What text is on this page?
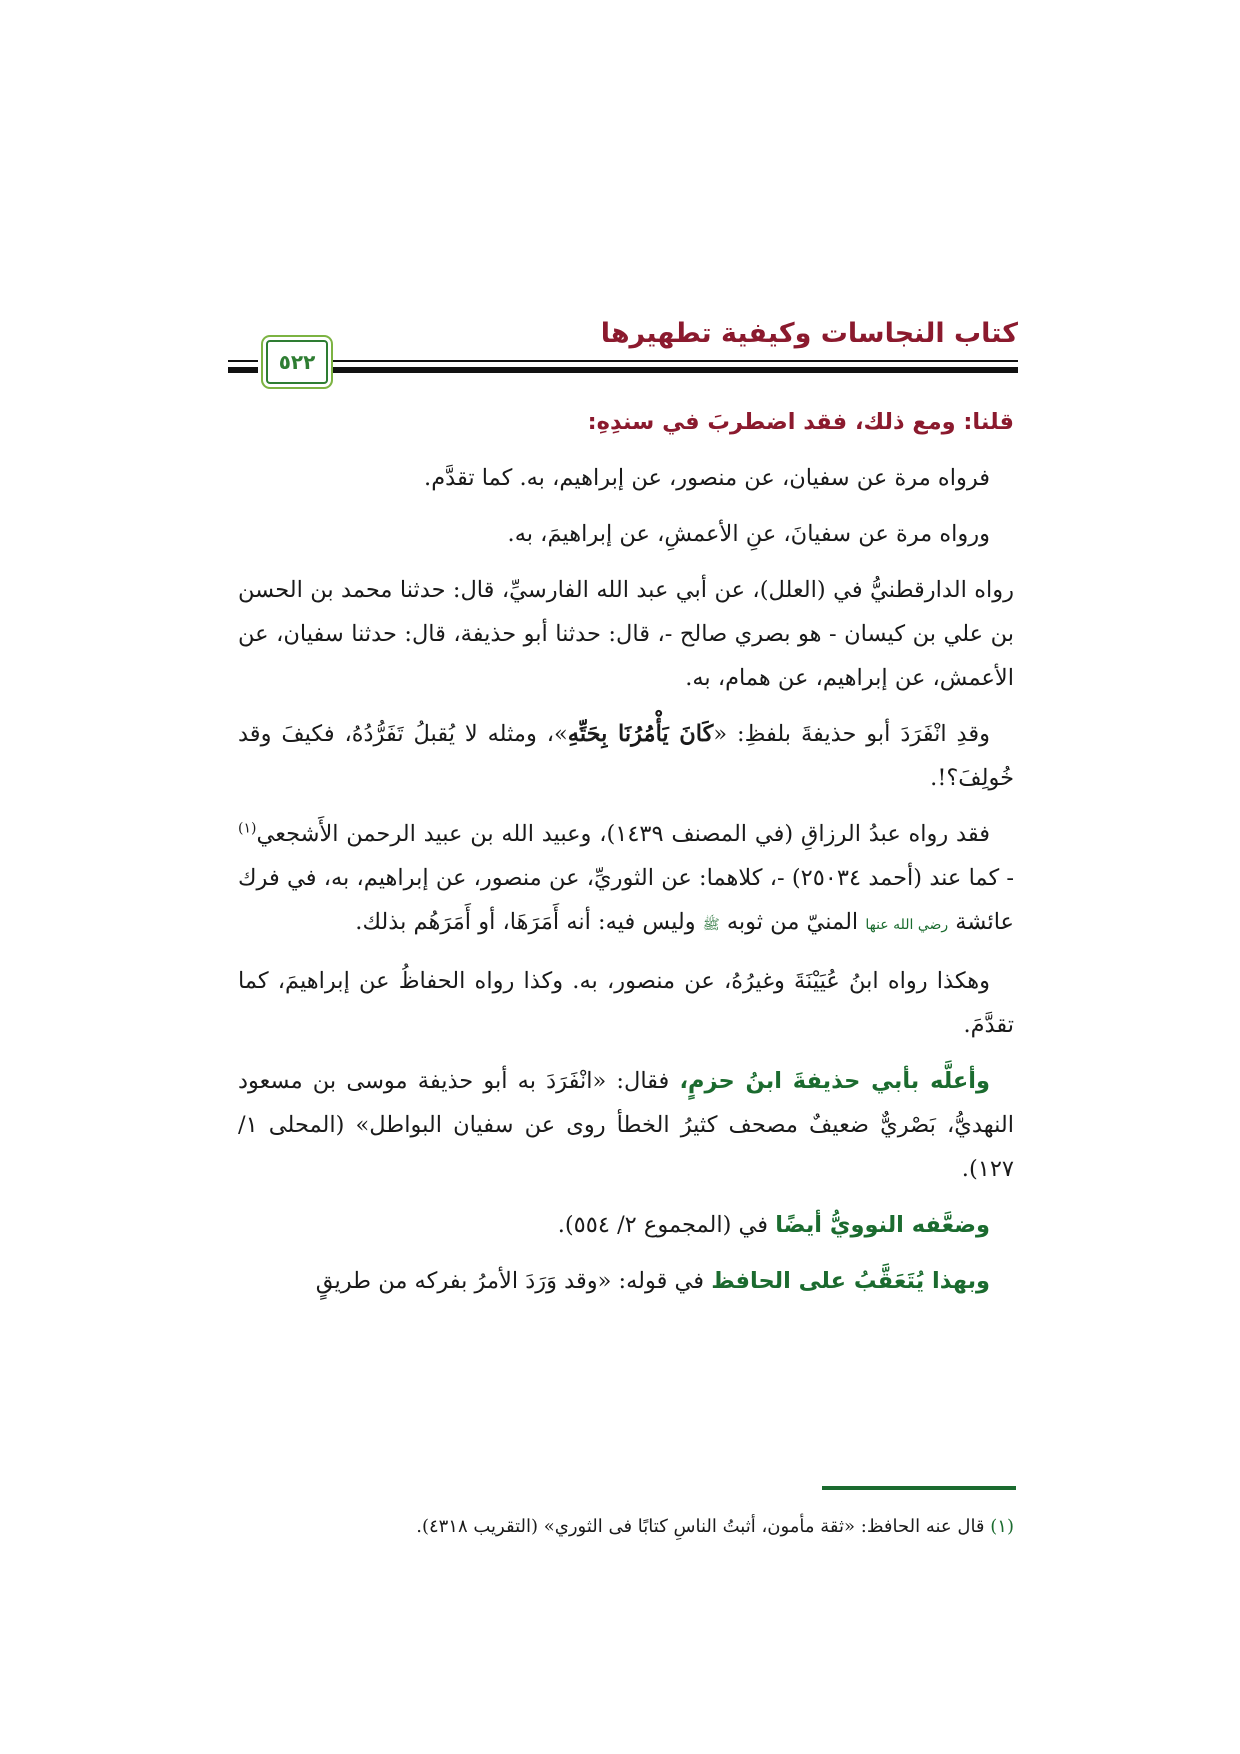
كتاب النجاسات وكيفية تطهيرها
٥٢٢

قلنا: ومع ذلك، فقد اضطربَ في سندِهِ:

فرواه مرة عن سفيان، عن منصور، عن إبراهيم، به. كما تقدَّم.

ورواه مرة عن سفيانَ، عنِ الأعمشِ، عن إبراهيمَ، به.

رواه الدارقطنيُّ في (العلل)، عن أبي عبد الله الفارسيِّ، قال: حدثنا محمد بن الحسن بن علي بن كيسان - هو بصري صالح -، قال: حدثنا أبو حذيفة، قال: حدثنا سفيان، عن الأعمش، عن إبراهيم، عن همام، به.

وقدِ انْفَرَدَ أبو حذيفةَ بلفظِ: «كَانَ يَأْمُرُنَا بِحَتِّهِ»، ومثله لا يُقبلُ تَفَرُّدُهُ، فكيفَ وقد خُولِفَ؟!.

فقد رواه عبدُ الرزاقِ (في المصنف ١٤٣٩)، وعبيد الله بن عبيد الرحمن الأَشجعي$^{(١)}$ - كما عند (أحمد ٢٥٠٣٤) -، كلاهما: عن الثوريِّ، عن منصور، عن إبراهيم، به، في فرك عائشة رضي الله عنها المنيّ من ثوبه ﷺ وليس فيه: أنه أَمَرَهَا، أو أَمَرَهُم بذلك.

وهكذا رواه ابنُ عُيَيْنَةَ وغيرُهُ، عن منصور، به. وكذا رواه الحفاظُ عن إبراهيمَ، كما تقدَّمَ.

وأعلَّه بأبي حذيفةَ ابنُ حزمٍ، فقال: «انْفَرَدَ به أبو حذيفة موسى بن مسعود النهديُّ، بَصْريٌّ ضعيفٌ مصحف كثيرُ الخطأ روى عن سفيان البواطل» (المحلى ١/ ١٢٧).

وضعَّفه النوويُّ أيضًا في (المجموع ٢/ ٥٥٤).

وبهذا يُتَعَقَّبُ على الحافظ في قوله: «وقد وَرَدَ الأمرُ بفركه من طريقٍ

(١) قال عنه الحافظ: «ثقة مأمون، أثبتُ الناسِ كتابًا فى الثوري» (التقريب ٤٣١٨).
